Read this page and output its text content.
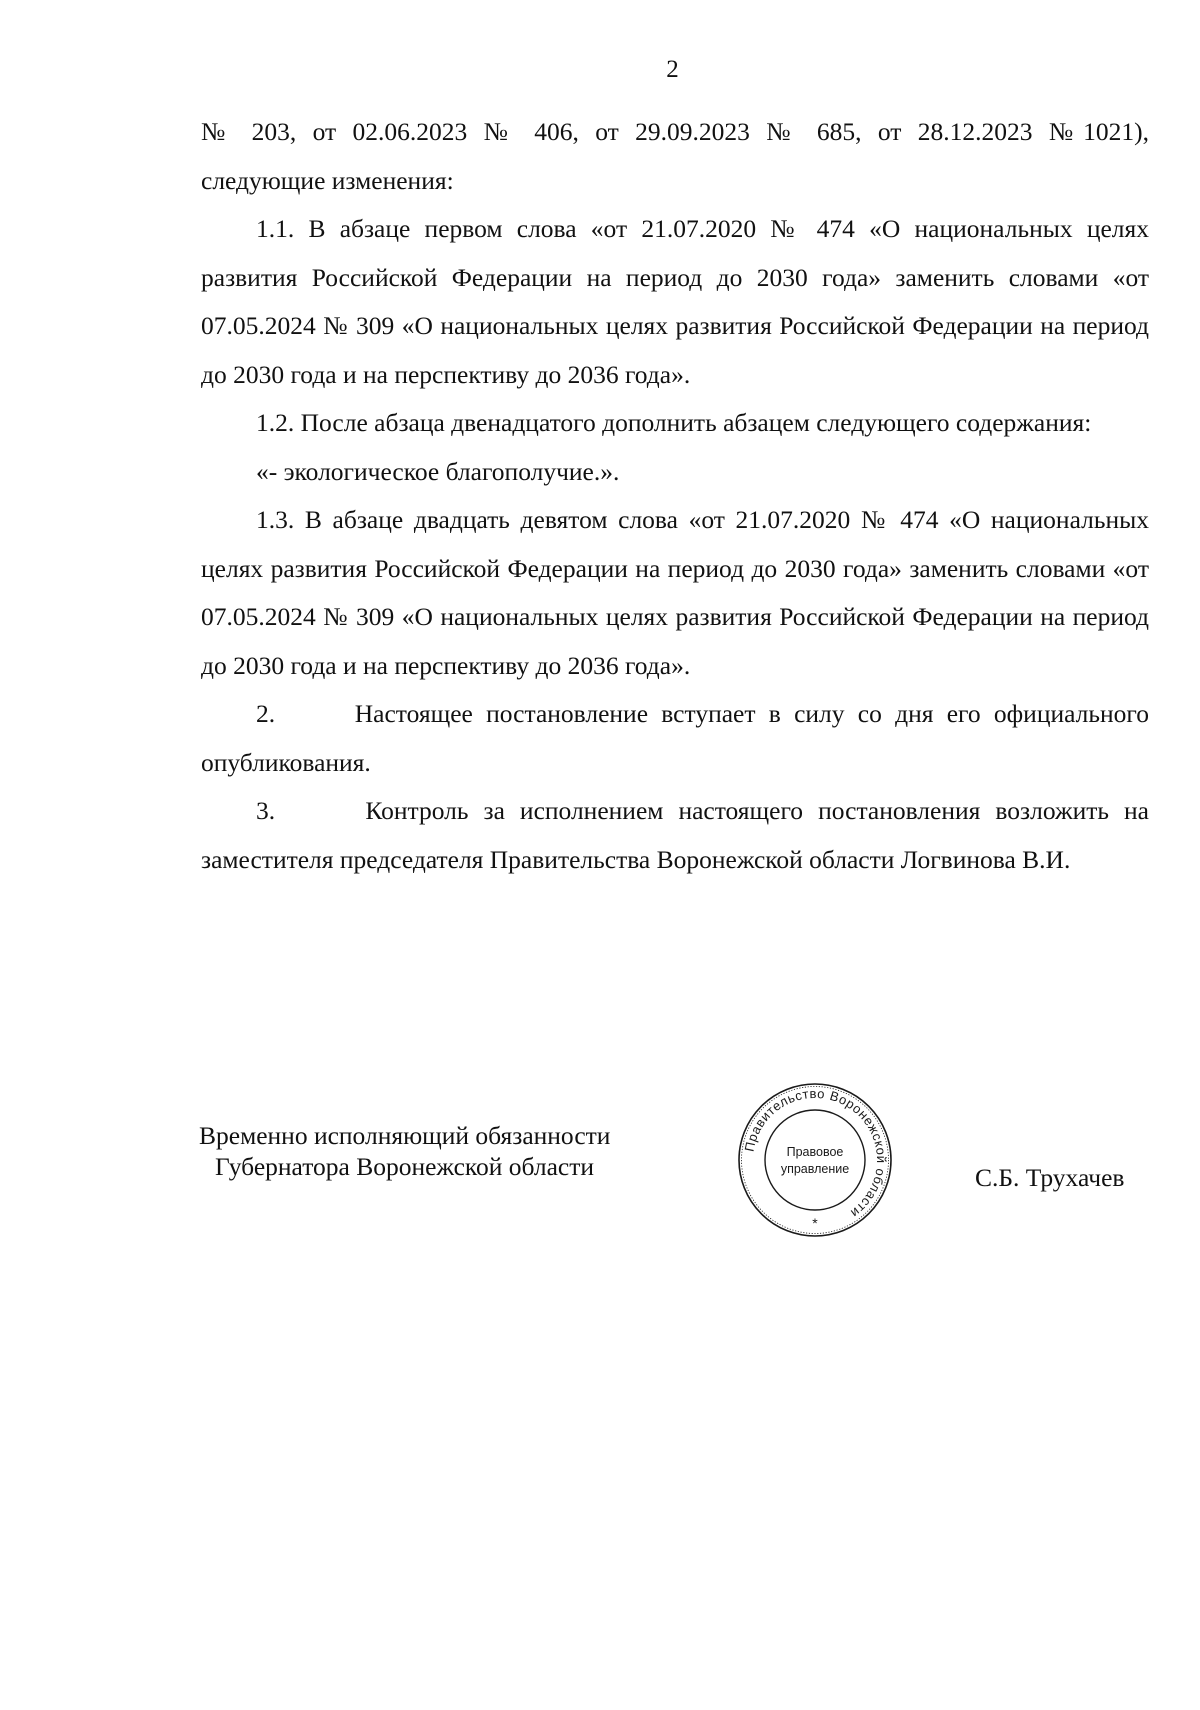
2

№ 203, от 02.06.2023 № 406, от 29.09.2023 № 685, от 28.12.2023 №1021),

следующие изменения:

1.1. В абзаце первом слова «от 21.07.2020 № 474 «О национальных целях развития Российской Федерации на период до 2030 года» заменить словами «от 07.05.2024 № 309 «О национальных целях развития Российской Федерации на период до 2030 года и на перспективу до 2036 года».

1.2. После абзаца двенадцатого дополнить абзацем следующего содержания:

«- экологическое благополучие.».

1.3. В абзаце двадцать девятом слова «от 21.07.2020 № 474 «О национальных целях развития Российской Федерации на период до 2030 года» заменить словами «от 07.05.2024 № 309 «О национальных целях развития Российской Федерации на период до 2030 года и на перспективу до 2036 года».

2.      Настоящее постановление вступает в силу со дня его официального опубликования.

3.      Контроль за исполнением настоящего постановления возложить на заместителя председателя Правительства Воронежской области Логвинова В.И.

Временно исполняющий обязанности
Губернатора Воронежской области
Правительство Воронежской области
Правовое
управление
*
С.Б. Трухачев
